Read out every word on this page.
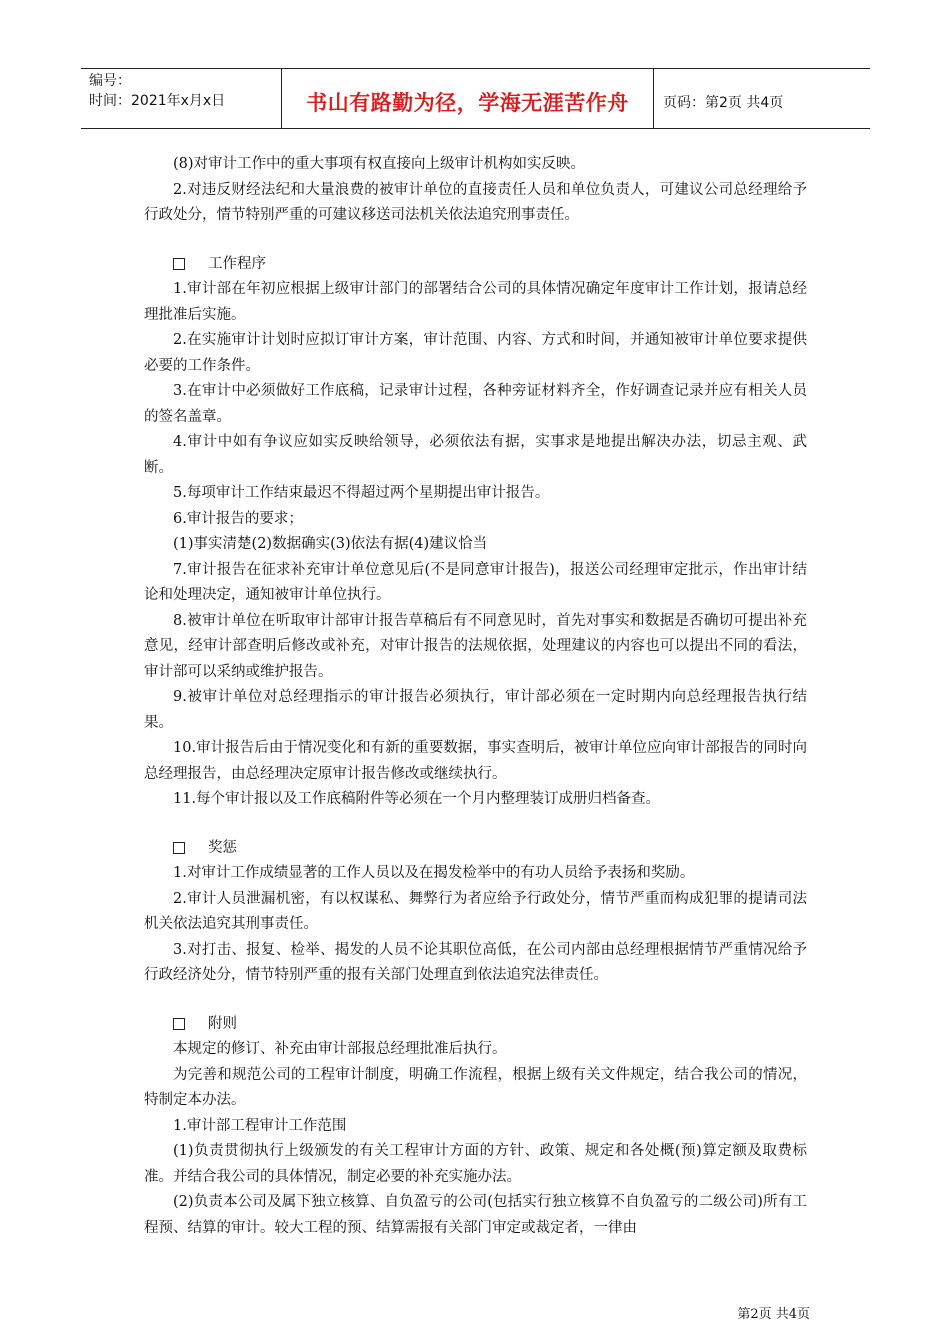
编号：
时间：2021年x月x日	书山有路勤为径，学海无涯苦作舟	页码：第2页 共4页

(8)对审计工作中的重大事项有权直接向上级审计机构如实反映。

2.对违反财经法纪和大量浪费的被审计单位的直接责任人员和单位负责人，可建议公司总经理给予行政处分，情节特别严重的可建议移送司法机关依法追究刑事责任。

工作程序

1.审计部在年初应根据上级审计部门的部署结合公司的具体情况确定年度审计工作计划，报请总经理批准后实施。

2.在实施审计计划时应拟订审计方案，审计范围、内容、方式和时间，并通知被审计单位要求提供必要的工作条件。

3.在审计中必须做好工作底稿，记录审计过程，各种旁证材料齐全，作好调查记录并应有相关人员的签名盖章。

4.审计中如有争议应如实反映给领导，必须依法有据，实事求是地提出解决办法，切忌主观、武断。

5.每项审计工作结束最迟不得超过两个星期提出审计报告。

6.审计报告的要求；

(1)事实清楚(2)数据确实(3)依法有据(4)建议恰当

7.审计报告在征求补充审计单位意见后(不是同意审计报告)，报送公司经理审定批示，作出审计结论和处理决定，通知被审计单位执行。

8.被审计单位在听取审计部审计报告草稿后有不同意见时，首先对事实和数据是否确切可提出补充意见，经审计部查明后修改或补充，对审计报告的法规依据，处理建议的内容也可以提出不同的看法，审计部可以采纳或维护报告。

9.被审计单位对总经理指示的审计报告必须执行，审计部必须在一定时期内向总经理报告执行结果。

10.审计报告后由于情况变化和有新的重要数据，事实查明后，被审计单位应向审计部报告的同时向总经理报告，由总经理决定原审计报告修改或继续执行。

11.每个审计报以及工作底稿附件等必须在一个月内整理装订成册归档备查。

奖惩

1.对审计工作成绩显著的工作人员以及在揭发检举中的有功人员给予表扬和奖励。

2.审计人员泄漏机密，有以权谋私、舞弊行为者应给予行政处分，情节严重而构成犯罪的提请司法机关依法追究其刑事责任。

3.对打击、报复、检举、揭发的人员不论其职位高低，在公司内部由总经理根据情节严重情况给予行政经济处分，情节特别严重的报有关部门处理直到依法追究法律责任。

附则

本规定的修订、补充由审计部报总经理批准后执行。

为完善和规范公司的工程审计制度，明确工作流程，根据上级有关文件规定，结合我公司的情况，特制定本办法。

1.审计部工程审计工作范围

(1)负责贯彻执行上级颁发的有关工程审计方面的方针、政策、规定和各处概(预)算定额及取费标准。并结合我公司的具体情况，制定必要的补充实施办法。

(2)负责本公司及属下独立核算、自负盈亏的公司(包括实行独立核算不自负盈亏的二级公司)所有工程预、结算的审计。较大工程的预、结算需报有关部门审定或裁定者，一律由

第2页 共4页
